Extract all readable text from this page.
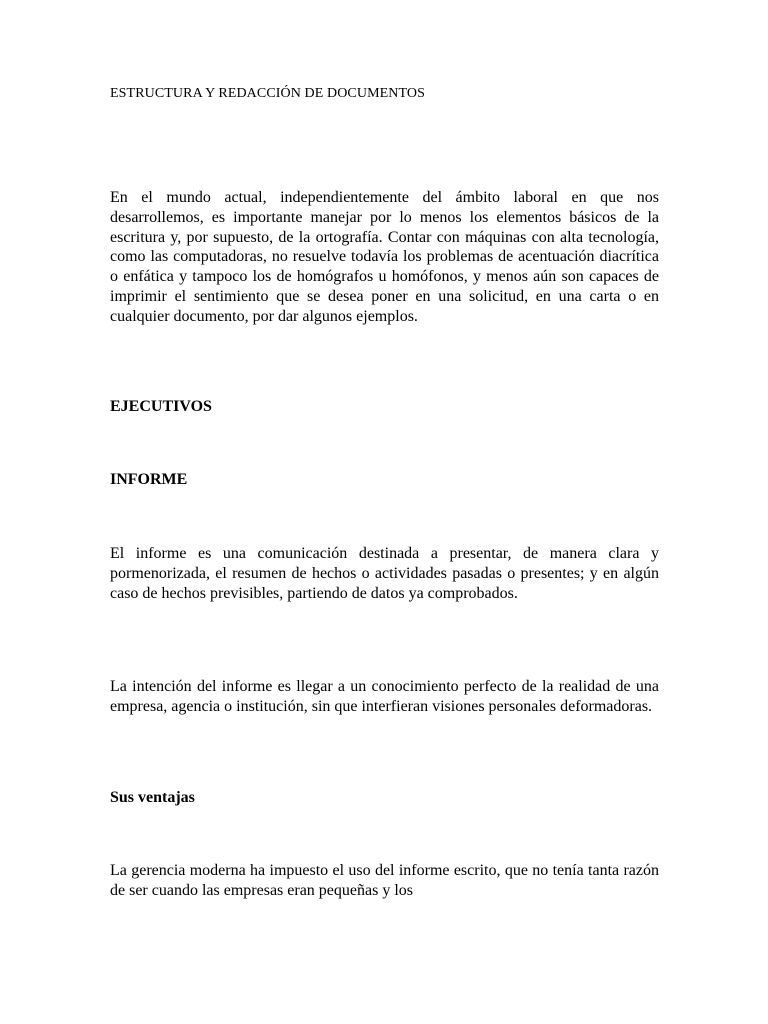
ESTRUCTURA Y REDACCIÓN DE DOCUMENTOS

En el mundo actual, independientemente del ámbito laboral en que nos desarrollemos, es importante manejar por lo menos los elementos básicos de la escritura y, por supuesto, de la ortografía. Contar con máquinas con alta tecnología, como las computadoras, no resuelve todavía los problemas de acentuación diacrítica o enfática y tampoco los de homógrafos u homófonos, y menos aún son capaces de imprimir el sentimiento que se desea poner en una solicitud, en una carta o en cualquier documento, por dar algunos ejemplos.

EJECUTIVOS
INFORME

El informe es una comunicación destinada a presentar, de manera clara y pormenorizada, el resumen de hechos o actividades pasadas o presentes; y en algún caso de hechos previsibles, partiendo de datos ya comprobados.

La intención del informe es llegar a un conocimiento perfecto de la realidad de una empresa, agencia o institución, sin que interfieran visiones personales deformadoras.

Sus ventajas

La gerencia moderna ha impuesto el uso del informe escrito, que no tenía tanta razón de ser cuando las empresas eran pequeñas y los
